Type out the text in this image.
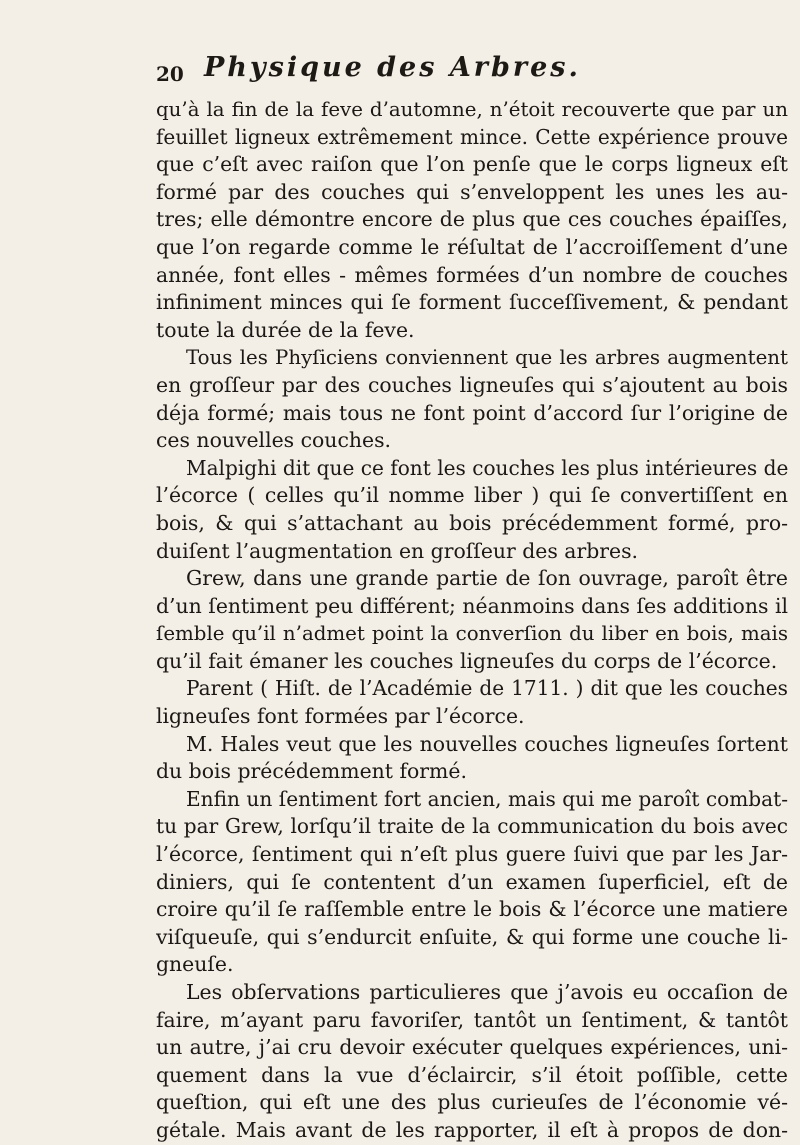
20 Physique des Arbres.
qu’à la fin de la feve d’automne, n’étoit recouverte que par un
feuillet ligneux extrêmement mince. Cette expérience prouve
que c’eſt avec raiſon que l’on penſe que le corps ligneux eſt
formé par des couches qui s’enveloppent les unes les au-
tres; elle démontre encore de plus que ces couches épaiſſes,
que l’on regarde comme le réſultat de l’accroiſſement d’une
année, font elles - mêmes formées d’un nombre de couches
infiniment minces qui ſe forment ſucceſſivement, & pendant
toute la durée de la feve.
Tous les Phyſiciens conviennent que les arbres augmentent
en groſſeur par des couches ligneuſes qui s’ajoutent au bois
déja formé; mais tous ne font point d’accord ſur l’origine de
ces nouvelles couches.
Malpighi dit que ce font les couches les plus intérieures de
l’écorce ( celles qu’il nomme liber ) qui ſe convertiſſent en
bois, & qui s’attachant au bois précédemment formé, pro-
duiſent l’augmentation en groſſeur des arbres.
Grew, dans une grande partie de ſon ouvrage, paroît être
d’un ſentiment peu différent; néanmoins dans ſes additions il
ſemble qu’il n’admet point la converſion du liber en bois, mais
qu’il fait émaner les couches ligneuſes du corps de l’écorce.
Parent ( Hiſt. de l’Académie de 1711. ) dit que les couches
ligneuſes font formées par l’écorce.
M. Hales veut que les nouvelles couches ligneuſes ſortent
du bois précédemment formé.
Enfin un ſentiment fort ancien, mais qui me paroît combat-
tu par Grew, lorſqu’il traite de la communication du bois avec
l’écorce, ſentiment qui n’eſt plus guere ſuivi que par les Jar-
diniers, qui ſe contentent d’un examen ſuperficiel, eſt de
croire qu’il ſe raſſemble entre le bois & l’écorce une matiere
viſqueuſe, qui s’endurcit enſuite, & qui forme une couche li-
gneuſe.
Les obſervations particulieres que j’avois eu occaſion de
faire, m’ayant paru favoriſer, tantôt un ſentiment, & tantôt
un autre, j’ai cru devoir exécuter quelques expériences, uni-
quement dans la vue d’éclaircir, s’il étoit poſſible, cette
queſtion, qui eſt une des plus curieuſes de l’économie vé-
gétale. Mais avant de les rapporter, il eſt à propos de don-
